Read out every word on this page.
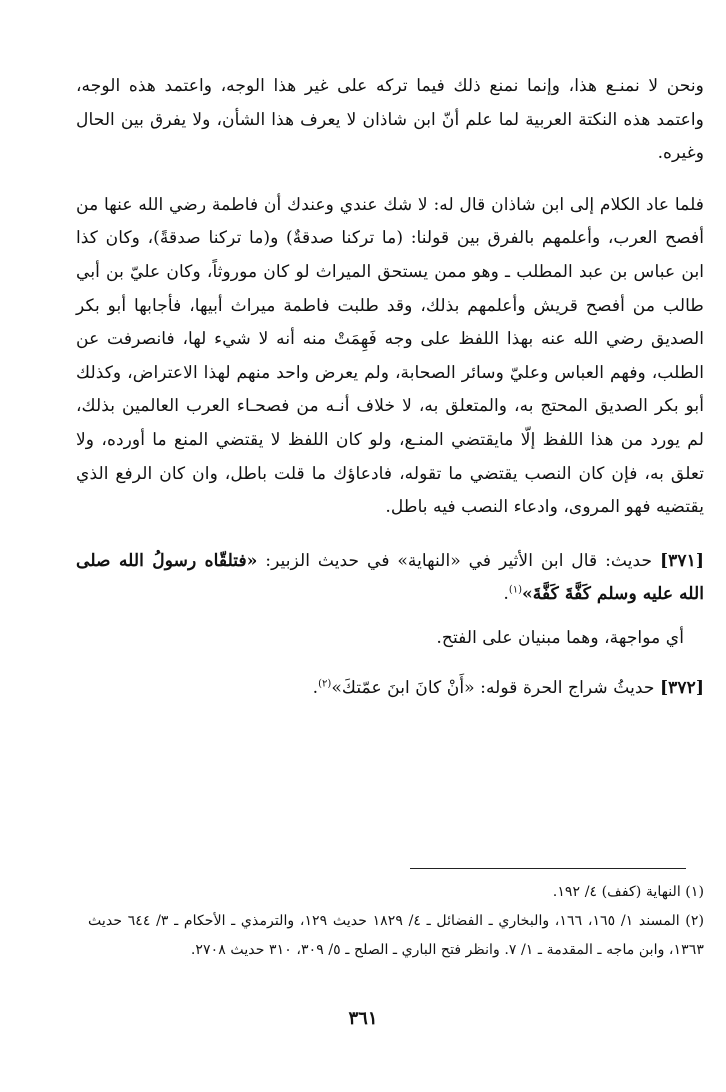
ونحن لا نمنـع هذا، وإنما نمنع ذلك فيما تركه على غير هذا الوجه، واعتمد هذه الوجه، واعتمد هذه النكتة العربية لما علم أنّ ابن شاذان لا يعرف هذا الشأن، ولا يفرق بين الحال وغيره.

فلما عاد الكلام إلى ابن شاذان قال له: لا شك عندي وعندك أن فاطمة رضي الله عنها من أفصح العرب، وأعلمهم بالفرق بين قولنا: (ما تركنا صدقةٌ) و(ما تركنا صدقةً)، وكان كذا ابن عباس بن عبد المطلب ـ وهو ممن يستحق الميراث لو كان موروثاً، وكان عليّ بن أبي طالب من أفصح قريش وأعلمهم بذلك، وقد طلبت فاطمة ميراث أبيها، فأجابها أبو بكر الصديق رضي الله عنه بهذا اللفظ على وجه فَهِمَتْ منه أنه لا شيء لها، فانصرفت عن الطلب، وفهم العباس وعليّ وسائر الصحابة، ولم يعرض واحد منهم لهذا الاعتراض، وكذلك أبو بكر الصديق المحتج به، والمتعلق به، لا خلاف أنـه من فصحـاء العرب العالمين بذلك، لم يورد من هذا اللفظ إلّا مايقتضي المنـع، ولو كان اللفظ لا يقتضي المنع ما أورده، ولا تعلق به، فإن كان النصب يقتضي ما تقوله، فادعاؤك ما قلت باطل، وان كان الرفع الذي يقتضيه فهو المروى، وادعاء النصب فيه باطل.

[٣٧١] حديث: قال ابن الأثير في «النهاية» في حديث الزبير: «فتلقّاه رسولُ الله صلى الله عليه وسلم كَفَّةَ كَفَّةَ»$^{(١)}$.

أي مواجهة، وهما مبنيان على الفتح.

[٣٧٢] حديثُ شراج الحرة قوله: «أَنْ كانَ ابنَ عمّتكَ»$^{(٢)}$.

(١) النهاية (كفف) ٤/ ١٩٢.

(٢) المسند ١/ ١٦٥، ١٦٦، والبخاري ـ الفضائل ـ ٤/ ١٨٢٩ حديث ١٢٩، والترمذي ـ الأحكام ـ ٣/ ٦٤٤ حديث ١٣٦٣، وابن ماجه ـ المقدمة ـ ١/ ٧. وانظر فتح الباري ـ الصلح ـ ٥/ ٣٠٩، ٣١٠ حديث ٢٧٠٨.

٣٦١
